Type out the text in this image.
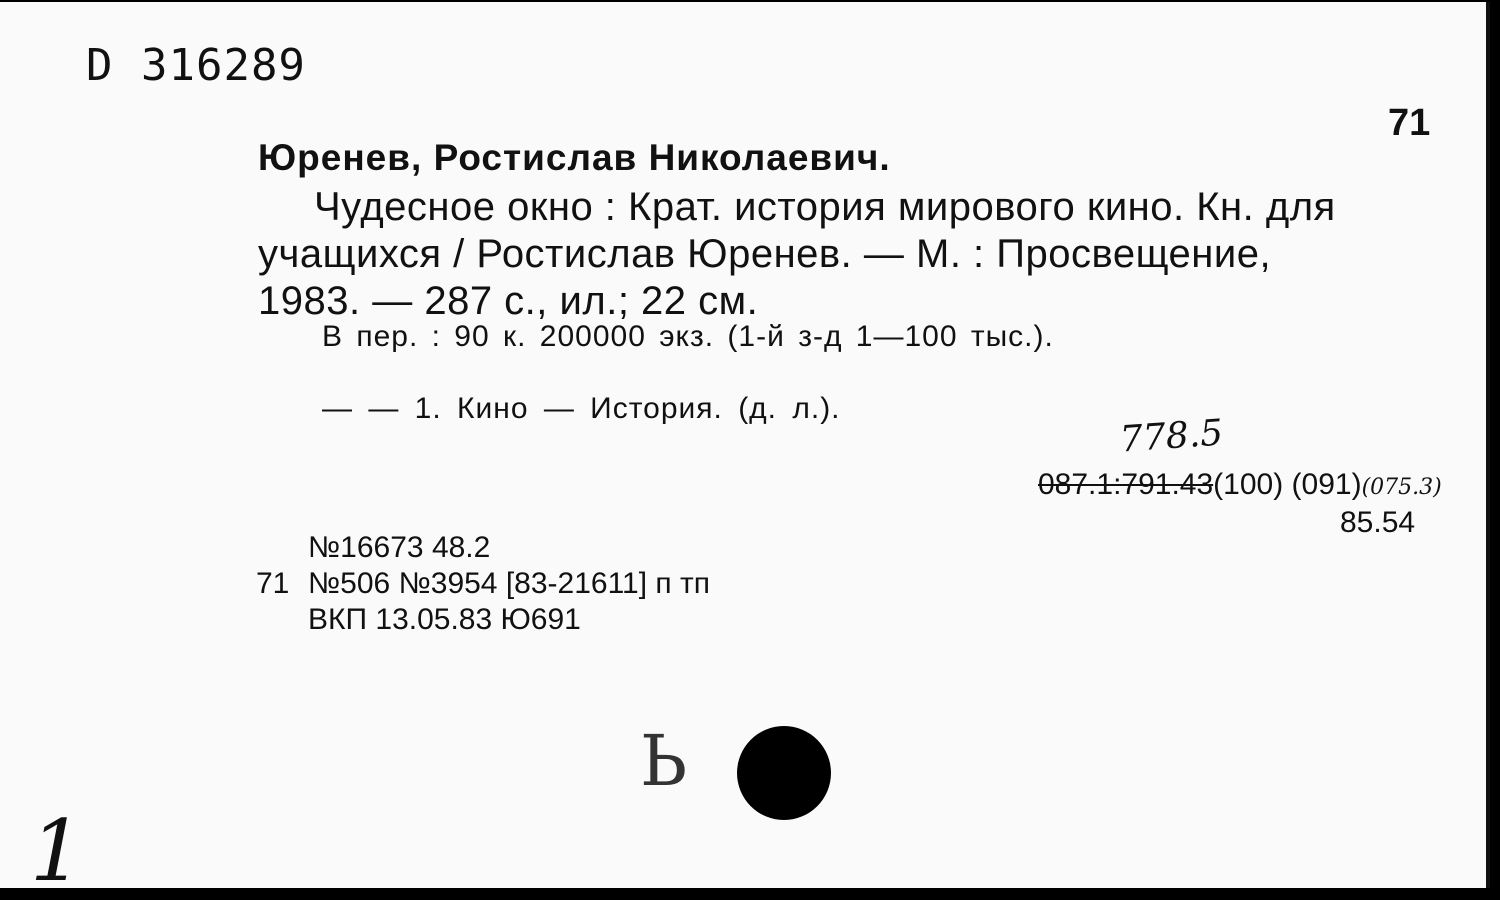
D 316289
71
Юренев, Ростислав Николаевич.
Чудесное окно : Крат. история мирового кино. Кн. для
учащихся / Ростислав Юренев. — М. : Просвещение,
1983. — 287 с., ил.; 22 см.
В пер. : 90 к. 200000 экз. (1-й з-д 1—100 тыс.).
— — 1. Кино — История. (д. л.).
778.5
087.1:791.43(100) (091)(075.3)
85.54
№16673 48.2
71 №506 №3954 [83-21611] п тп
ВКП 13.05.83 Ю691
Ь
1
